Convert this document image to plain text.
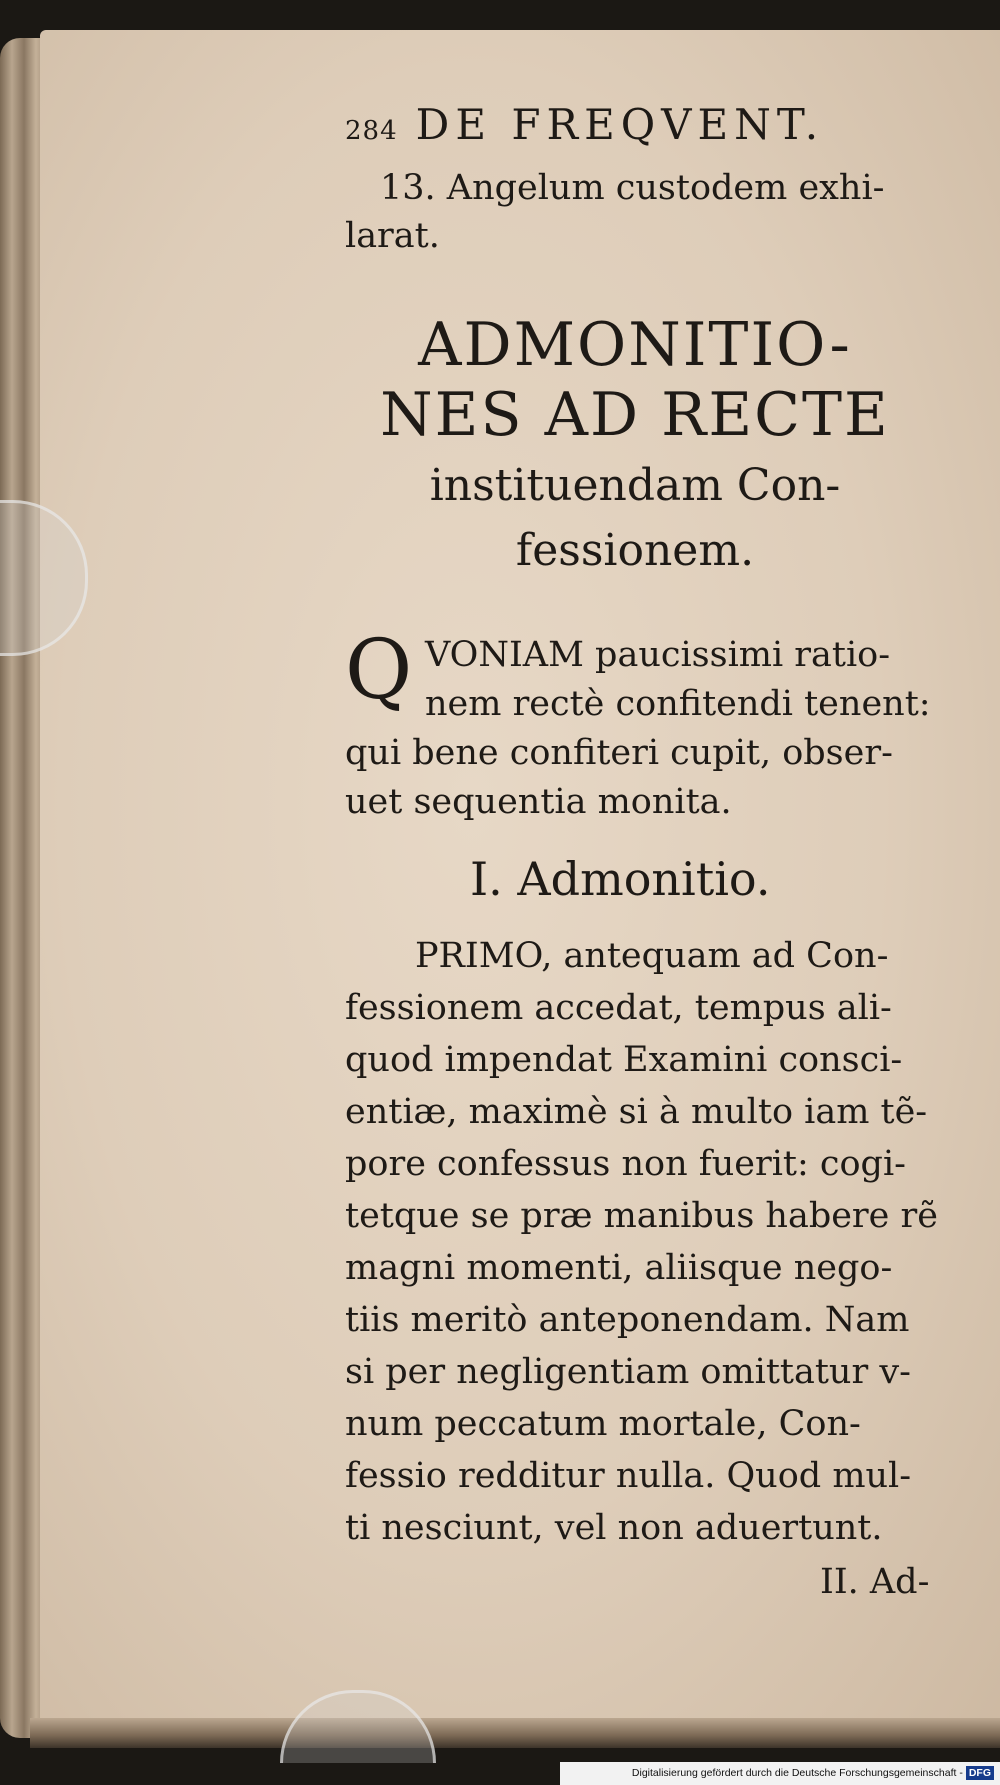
284 DE FREQVENT.
13. Angelum custodem exhi-
larat.
ADMONITIO-
NES AD RECTE
instituendam Con-
fessionem.
Q VONIAM paucissimi ratio-
nem rectè confitendi tenent:
qui bene confiteri cupit, obser-
uet sequentia monita.
I. Admonitio.
PRIMO, antequam ad Con-
fessionem accedat, tempus ali-
quod impendat Examini consci-
entiæ, maximè si à multo iam tẽ-
pore confessus non fuerit: cogi-
tetque se præ manibus habere rẽ
magni momenti, aliisque nego-
tiis meritò anteponendam. Nam
si per negligentiam omittatur v-
num peccatum mortale, Con-
fessio redditur nulla. Quod mul-
ti nesciunt, vel non aduertunt.
II. Ad-
Digitalisierung gefördert durch die Deutsche Forschungsgemeinschaft - DFG
